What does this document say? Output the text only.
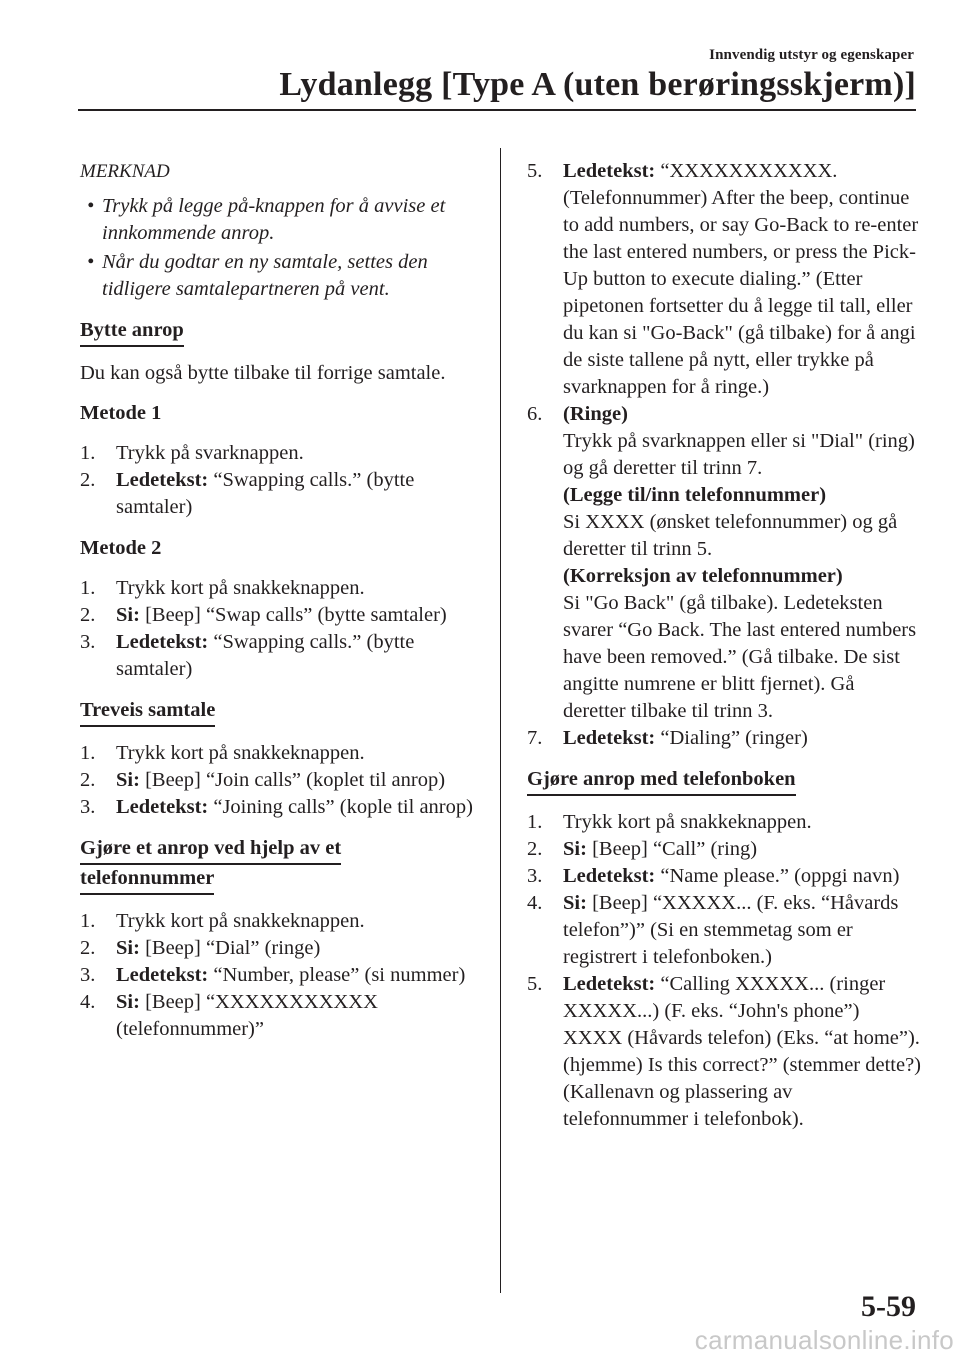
Innvendig utstyr og egenskaper
Lydanlegg [Type A (uten berøringsskjerm)]
MERKNAD
• Trykk på legge på-knappen for å avvise et innkommende anrop.
• Når du godtar en ny samtale, settes den tidligere samtalepartneren på vent.
Bytte anrop

Du kan også bytte tilbake til forrige samtale.

Metode 1

1. Trykk på svarknappen.
2. Ledetekst: “Swapping calls.” (bytte samtaler)

Metode 2

1. Trykk kort på snakkeknappen.
2. Si: [Beep] “Swap calls” (bytte samtaler)
3. Ledetekst: “Swapping calls.” (bytte samtaler)
Treveis samtale
1. Trykk kort på snakkeknappen.
2. Si: [Beep] “Join calls” (koplet til anrop)
3. Ledetekst: “Joining calls” (kople til anrop)
Gjøre et anrop ved hjelp av et
telefonnummer
1. Trykk kort på snakkeknappen.
2. Si: [Beep] “Dial” (ringe)
3. Ledetekst: “Number, please” (si nummer)
4. Si: [Beep] “XXXXXXXXXXX (telefonnummer)”
5. Ledetekst: “XXXXXXXXXXX. (Telefonnummer) After the beep, continue to add numbers, or say Go-Back to re-enter the last entered numbers, or press the Pick-Up button to execute dialing.” (Etter pipetonen fortsetter du å legge til tall, eller du kan si "Go-Back" (gå tilbake) for å angi de siste tallene på nytt, eller trykke på svarknappen for å ringe.)
6. (Ringe)
Trykk på svarknappen eller si "Dial" (ring) og gå deretter til trinn 7.
(Legge til/inn telefonnummer)
Si XXXX (ønsket telefonnummer) og gå deretter til trinn 5.
(Korreksjon av telefonnummer)
Si "Go Back" (gå tilbake). Ledeteksten svarer “Go Back. The last entered numbers have been removed.” (Gå tilbake. De sist angitte numrene er blitt fjernet). Gå deretter tilbake til trinn 3.
7. Ledetekst: “Dialing” (ringer)
Gjøre anrop med telefonboken
1. Trykk kort på snakkeknappen.
2. Si: [Beep] “Call” (ring)
3. Ledetekst: “Name please.” (oppgi navn)
4. Si: [Beep] “XXXXX... (F. eks. “Håvards telefon”)” (Si en stemmetag som er registrert i telefonboken.)
5. Ledetekst: “Calling XXXXX... (ringer XXXXX...) (F. eks. “John's phone”) XXXX (Håvards telefon) (Eks. “at home”). (hjemme) Is this correct?” (stemmer dette?) (Kallenavn og plassering av telefonnummer i telefonbok).
5-59
carmanualsonline.info
